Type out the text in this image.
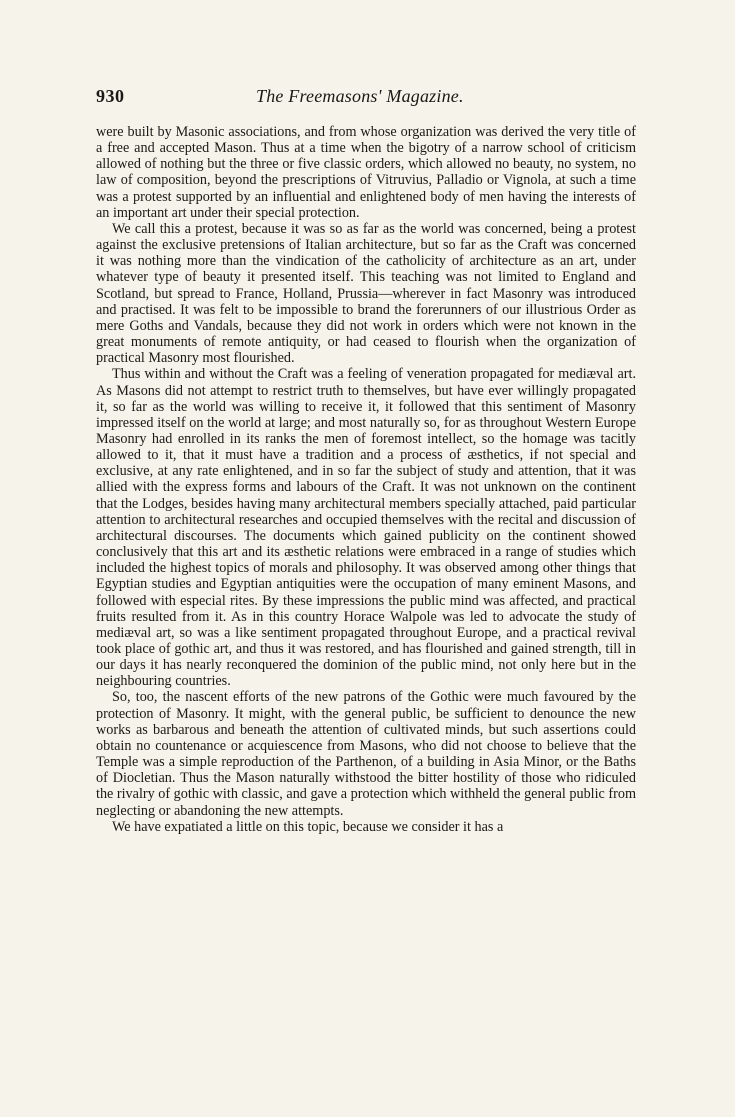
930	The Freemasons' Magazine.

were built by Masonic associations, and from whose organization was derived the very title of a free and accepted Mason. Thus at a time when the bigotry of a narrow school of criticism allowed of nothing but the three or five classic orders, which allowed no beauty, no system, no law of composition, beyond the prescriptions of Vitruvius, Palladio or Vignola, at such a time was a protest supported by an influential and enlightened body of men having the interests of an important art under their special protection.

We call this a protest, because it was so as far as the world was concerned, being a protest against the exclusive pretensions of Italian architecture, but so far as the Craft was concerned it was nothing more than the vindication of the catholicity of architecture as an art, under whatever type of beauty it presented itself. This teaching was not limited to England and Scotland, but spread to France, Holland, Prussia—wherever in fact Masonry was introduced and practised. It was felt to be impossible to brand the forerunners of our illustrious Order as mere Goths and Vandals, because they did not work in orders which were not known in the great monuments of remote antiquity, or had ceased to flourish when the organization of practical Masonry most flourished.

Thus within and without the Craft was a feeling of veneration propagated for mediæval art. As Masons did not attempt to restrict truth to themselves, but have ever willingly propagated it, so far as the world was willing to receive it, it followed that this sentiment of Masonry impressed itself on the world at large; and most naturally so, for as throughout Western Europe Masonry had enrolled in its ranks the men of foremost intellect, so the homage was tacitly allowed to it, that it must have a tradition and a process of æsthetics, if not special and exclusive, at any rate enlightened, and in so far the subject of study and attention, that it was allied with the express forms and labours of the Craft. It was not unknown on the continent that the Lodges, besides having many architectural members specially attached, paid particular attention to architectural researches and occupied themselves with the recital and discussion of architectural discourses. The documents which gained publicity on the continent showed conclusively that this art and its æsthetic relations were embraced in a range of studies which included the highest topics of morals and philosophy. It was observed among other things that Egyptian studies and Egyptian antiquities were the occupation of many eminent Masons, and followed with especial rites. By these impressions the public mind was affected, and practical fruits resulted from it. As in this country Horace Walpole was led to advocate the study of mediæval art, so was a like sentiment propagated throughout Europe, and a practical revival took place of gothic art, and thus it was restored, and has flourished and gained strength, till in our days it has nearly reconquered the dominion of the public mind, not only here but in the neighbouring countries.

So, too, the nascent efforts of the new patrons of the Gothic were much favoured by the protection of Masonry. It might, with the general public, be sufficient to denounce the new works as barbarous and beneath the attention of cultivated minds, but such assertions could obtain no countenance or acquiescence from Masons, who did not choose to believe that the Temple was a simple reproduction of the Parthenon, of a building in Asia Minor, or the Baths of Diocletian. Thus the Mason naturally withstood the bitter hostility of those who ridiculed the rivalry of gothic with classic, and gave a protection which withheld the general public from neglecting or abandoning the new attempts.

We have expatiated a little on this topic, because we consider it has a
